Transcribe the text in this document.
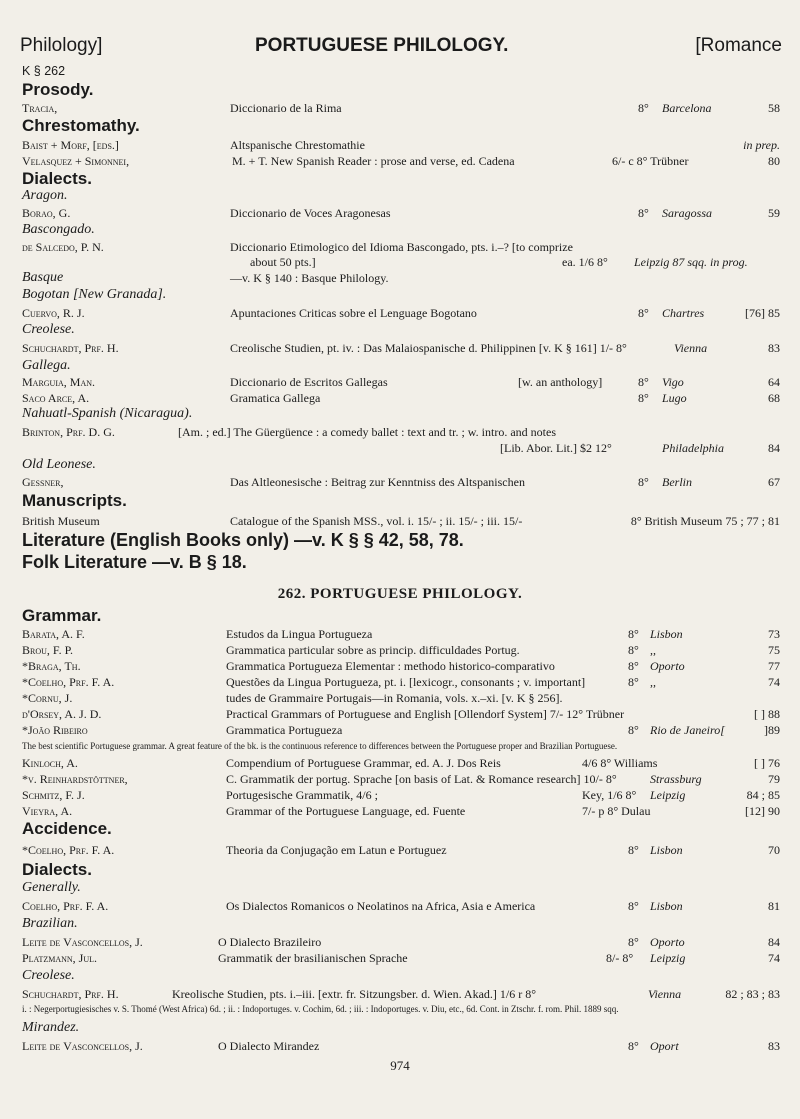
Philology]	PORTUGUESE PHILOLOGY.	[Romance
K § 262
Prosody.
Tracia,	Diccionario de la Rima	8° Barcelona	58
Chrestomathy.
Baist + Morf, [eds.]	Altspanische Chrestomathie	in prep.
Velasquez + Simonnei,	M. + T. New Spanish Reader : prose and verse, ed. Cadena	6/- c 8° Trübner	80
Dialects.
Aragon.
Borao, G.	Diccionario de Voces Aragonesas	8° Saragossa	59
Bascongado.
de Salcedo, P. N.	Diccionario Etimologico del Idioma Bascongado, pts. i.–? [to comprize
about 50 pts.]	ea. 1/6 8° Leipzig 87 sqq. in prog.
Basque	—v. K § 140 : Basque Philology.
Bogotan [New Granada].
Cuervo, R. J.	Apuntaciones Criticas sobre el Lenguage Bogotano	8° Chartres	[76] 85
Creolese.
Schuchardt, Prf. H.	Creolische Studien, pt. iv. : Das Malaiospanische d. Philippinen [v. K § 161] 1/- 8°	Vienna	83
Gallega.
Marguia, Man.	Diccionario de Escritos Gallegas	[w. an anthology]	8° Vigo	64
Saco Arce, A.	Gramatica Gallega	8° Lugo	68
Nahuatl-Spanish (Nicaragua).
Brinton, Prf. D. G.	[Am. ; ed.] The Güergüence : a comedy ballet : text and tr. ; w. intro. and notes
[Lib. Abor. Lit.] $2 12°	Philadelphia	84
Old Leonese.
Gessner,	Das Altleonesische : Beitrag zur Kenntniss des Altspanischen	8° Berlin	67
Manuscripts.
British Museum	Catalogue of the Spanish MSS., vol. i. 15/- ; ii. 15/- ; iii. 15/-	8° British Museum 75 ; 77 ; 81
Literature (English Books only) —v. K § § 42, 58, 78.
Folk Literature —v. B § 18.
262. PORTUGUESE PHILOLOGY.
Grammar.
Barata, A. F.	Estudos da Lingua Portugueza	8° Lisbon	73
Brou, F. P.	Grammatica particular sobre as princip. difficuldades Portug.	8° ,,	75
*Braga, Th.	Grammatica Portugueza Elementar : methodo historico-comparativo	8° Oporto	77
*Coelho, Prf. F. A.	Questões da Lingua Portugueza, pt. i. [lexicogr., consonants ; v. important]	8° ,,	74
*Cornu, J.	tudes de Grammaire Portugais—in Romania, vols. x.–xi. [v. K § 256].
d'Orsey, A. J. D.	Practical Grammars of Portuguese and English [Ollendorf System] 7/- 12° Trübner	[ ] 88
*João Ribeiro	Grammatica Portugueza	8° Rio de Janeiro[	]89
The best scientific Portuguese grammar. A great feature of the bk. is the continuous reference to differences between the Portuguese proper and Brazilian Portuguese.
Kinloch, A.	Compendium of Portuguese Grammar, ed. A. J. Dos Reis	4/6 8° Williams	[ ] 76
*v. Reinhardstöttner,	C. Grammatik der portug. Sprache [on basis of Lat. & Romance research] 10/- 8°	Strassburg	79
Schmitz, F. J.	Portugesische Grammatik, 4/6 ;	Key, 1/6 8° Leipzig	84 ; 85
Vieyra, A.	Grammar of the Portuguese Language, ed. Fuente	7/- p 8° Dulau	[12] 90
Accidence.
*Coelho, Prf. F. A.	Theoria da Conjugação em Latun e Portuguez	8° Lisbon	70
Dialects.
Generally.
Coelho, Prf. F. A.	Os Dialectos Romanicos o Neolatinos na Africa, Asia e America	8° Lisbon	81
Brazilian.
Leite de Vasconcellos, J.	O Dialecto Brazileiro	8° Oporto	84
Platzmann, Jul.	Grammatik der brasilianischen Sprache	8/- 8° Leipzig	74
Creolese.
Schuchardt, Prf. H.	Kreolische Studien, pts. i.–iii. [extr. fr. Sitzungsber. d. Wien. Akad.] 1/6 r 8°	Vienna	82 ; 83 ; 83
i. : Negerportugiesisches v. S. Thomé (West Africa) 6d. ; ii. : Indoportuges. v. Cochim, 6d. ; iii. : Indoportuges. v. Diu, etc., 6d. Cont. in Ztschr. f. rom. Phil. 1889 sqq.
Mirandez.
Leite de Vasconcellos, J.	O Dialecto Mirandez	8° Oport	83
974
